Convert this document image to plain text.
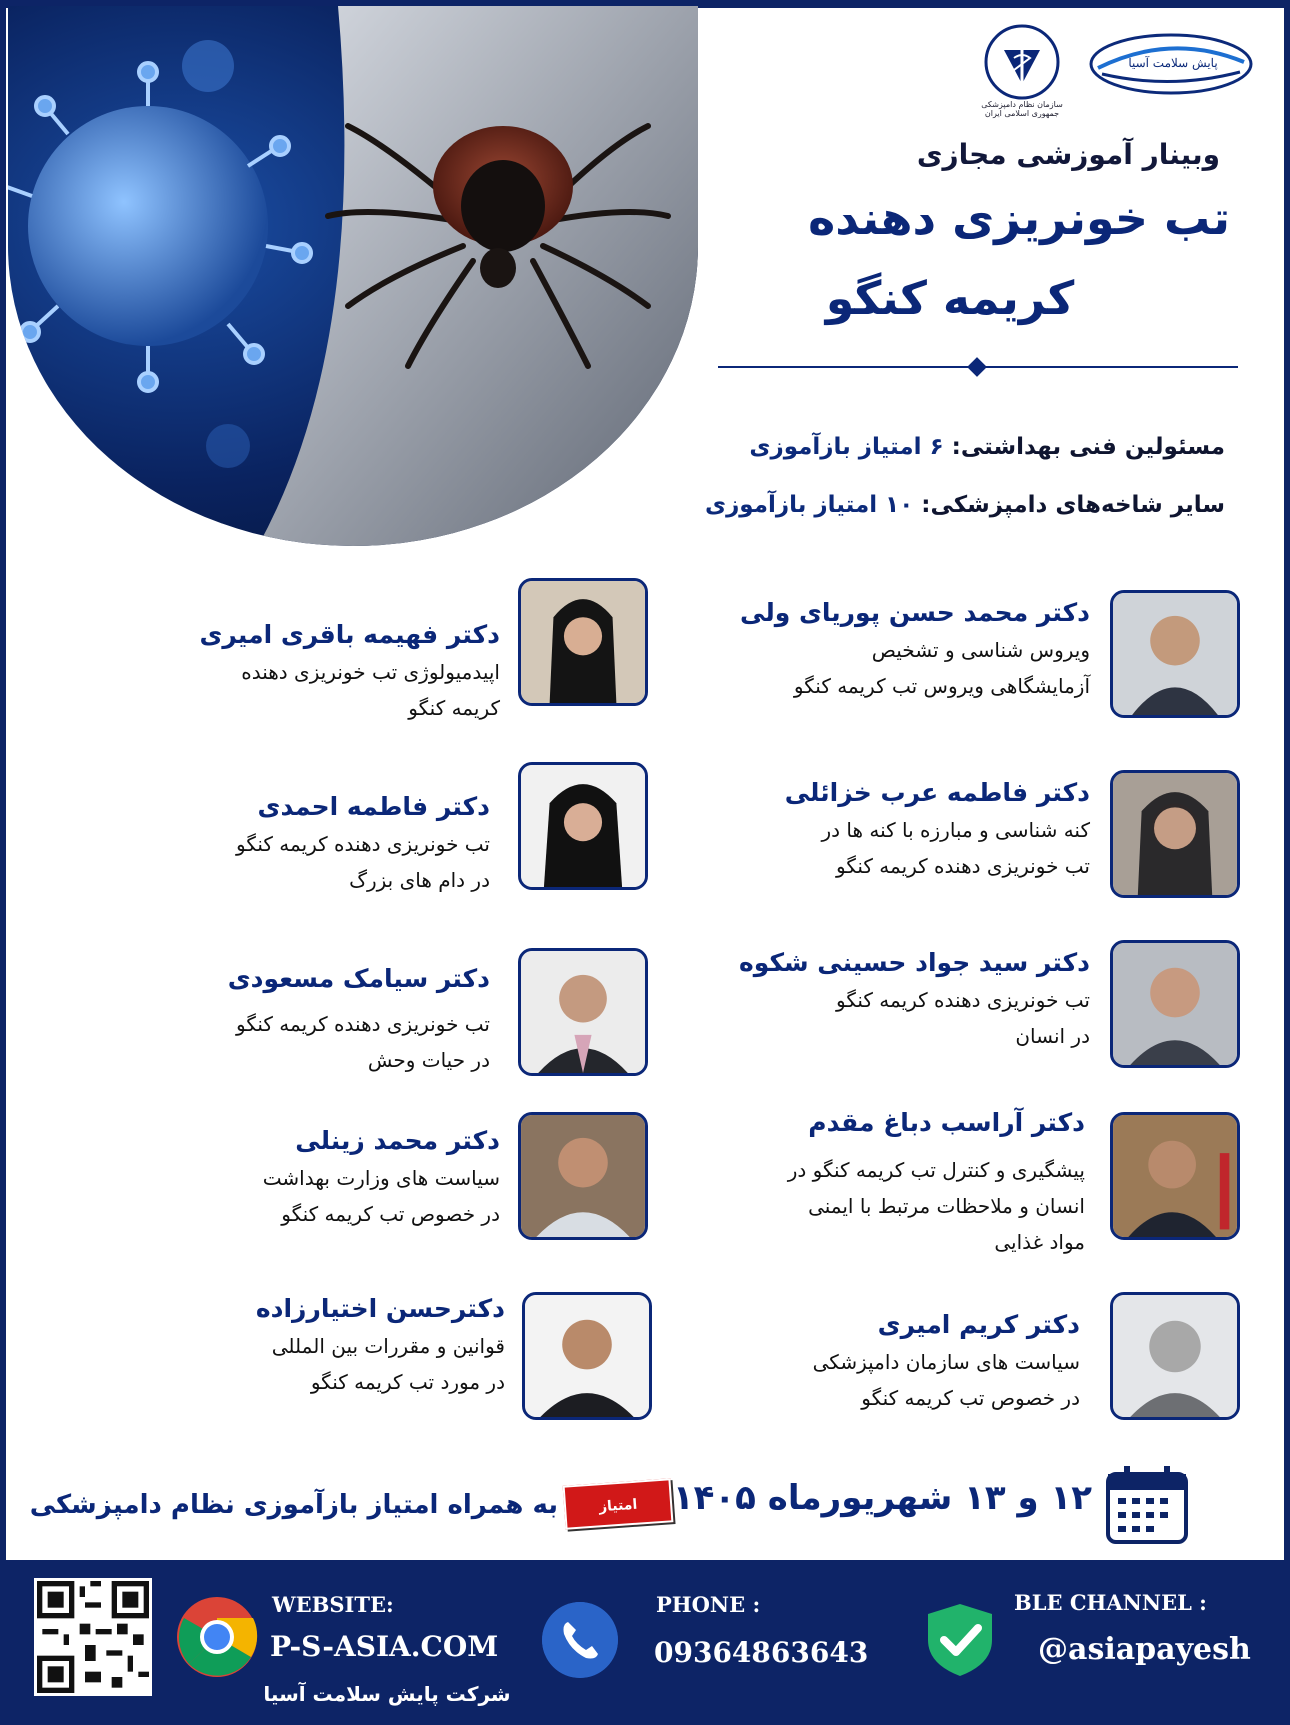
سازمان نظام دامپزشکی جمهوری اسلامی ایران
پایش سلامت آسیا
وبینار آموزشی مجازی
تب خونریزی دهنده
کریمه کنگو
مسئولین فنی بهداشتی: ۶ امتیاز بازآموزی
سایر شاخه‌های دامپزشکی: ۱۰ امتیاز بازآموزی
دکتر محمد حسن پوریای ولی
ویروس شناسی و تشخیص
آزمایشگاهی ویروس تب کریمه کنگو
دکتر فاطمه عرب خزائلی
کنه شناسی و مبارزه با کنه ها در
تب خونریزی دهنده کریمه کنگو
دکتر سید جواد حسینی شکوه
تب خونریزی دهنده کریمه کنگو
در انسان
دکتر آراسب دباغ مقدم
پیشگیری و کنترل تب کریمه کنگو در
انسان و ملاحظات مرتبط با ایمنی
مواد غذایی
دکتر کریم امیری
سیاست های سازمان دامپزشکی
در خصوص تب کریمه کنگو
دکتر فهیمه باقری امیری
اپیدمیولوژی تب خونریزی دهنده
کریمه کنگو
دکتر فاطمه احمدی
تب خونریزی دهنده کریمه کنگو
در دام های بزرگ
دکتر سیامک مسعودی
تب خونریزی دهنده کریمه کنگو
در حیات وحش
دکتر محمد زینلی
سیاست های وزارت بهداشت
در خصوص تب کریمه کنگو
دکترحسن اختیارزاده
قوانین و مقررات بین المللی
در مورد تب کریمه کنگو
۱۲ و ۱۳ شهریورماه ۱۴۰۵
امتیاز بازآموزی
به همراه امتیاز بازآموزی نظام دامپزشکی
WEBSITE:
P-S-ASIA.COM
شرکت پایش سلامت آسیا
PHONE :
09364863643
BLE CHANNEL :
@asiapayesh
